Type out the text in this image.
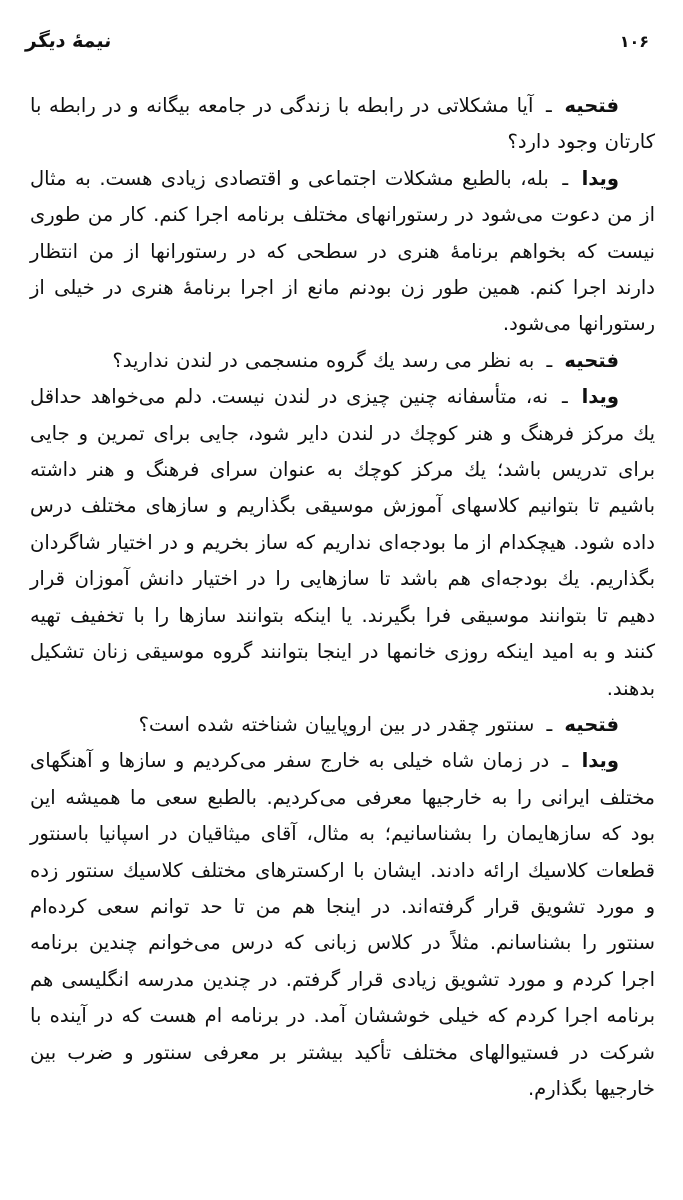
نیمهٔ دیگر	۱۰۶

فتحیه ـ آیا مشکلاتی در رابطه با زندگی در جامعه بیگانه و در رابطه با کارتان وجود دارد؟

ویدا ـ بله، بالطبع مشکلات اجتماعی و اقتصادی زیادی هست. به مثال از من دعوت می‌شود در رستورانهای مختلف برنامه اجرا کنم. کار من طوری نیست که بخواهم برنامهٔ هنری در سطحی که در رستورانها از من انتظار دارند اجرا کنم. همین طور زن بودنم مانع از اجرا برنامهٔ هنری در خیلی از رستورانها می‌شود.

فتحیه ـ به نظر می رسد یك گروه منسجمی در لندن ندارید؟

ویدا ـ نه، متأسفانه چنین چیزی در لندن نیست. دلم می‌خواهد حداقل یك مرکز فرهنگ و هنر کوچك در لندن دایر شود، جایی برای تمرین و جایی برای تدریس باشد؛ یك مرکز کوچك به عنوان سرای فرهنگ و هنر داشته باشیم تا بتوانیم کلاسهای آموزش موسیقی بگذاریم و سازهای مختلف درس داده شود. هیچکدام از ما بودجه‌ای نداریم که ساز بخریم و در اختیار شاگردان بگذاریم. یك بودجه‌ای هم باشد تا سازهایی را در اختیار دانش آموزان قرار دهیم تا بتوانند موسیقی فرا بگیرند. یا اینکه بتوانند سازها را با تخفیف تهیه کنند و به امید اینکه روزی خانمها در اینجا بتوانند گروه موسیقی زنان تشکیل بدهند.

فتحیه ـ سنتور چقدر در بین اروپاییان شناخته شده است؟

ویدا ـ در زمان شاه خیلی به خارج سفر می‌کردیم و سازها و آهنگهای مختلف ایرانی را به خارجیها معرفی می‌کردیم. بالطبع سعی ما همیشه این بود که سازهایمان را بشناسانیم؛ به مثال، آقای میثاقیان در اسپانیا باسنتور قطعات کلاسیك ارائه دادند. ایشان با ارکسترهای مختلف کلاسیك سنتور زده و مورد تشویق قرار گرفته‌اند. در اینجا هم من تا حد توانم سعی کرده‌ام سنتور را بشناسانم. مثلاً در کلاس زبانی که درس می‌خوانم چندین برنامه اجرا کردم و مورد تشویق زیادی قرار گرفتم. در چندین مدرسه انگلیسی هم برنامه اجرا کردم که خیلی خوششان آمد. در برنامه ام هست که در آینده با شرکت در فستیوالهای مختلف تأکید بیشتر بر معرفی سنتور و ضرب بین خارجیها بگذارم.
